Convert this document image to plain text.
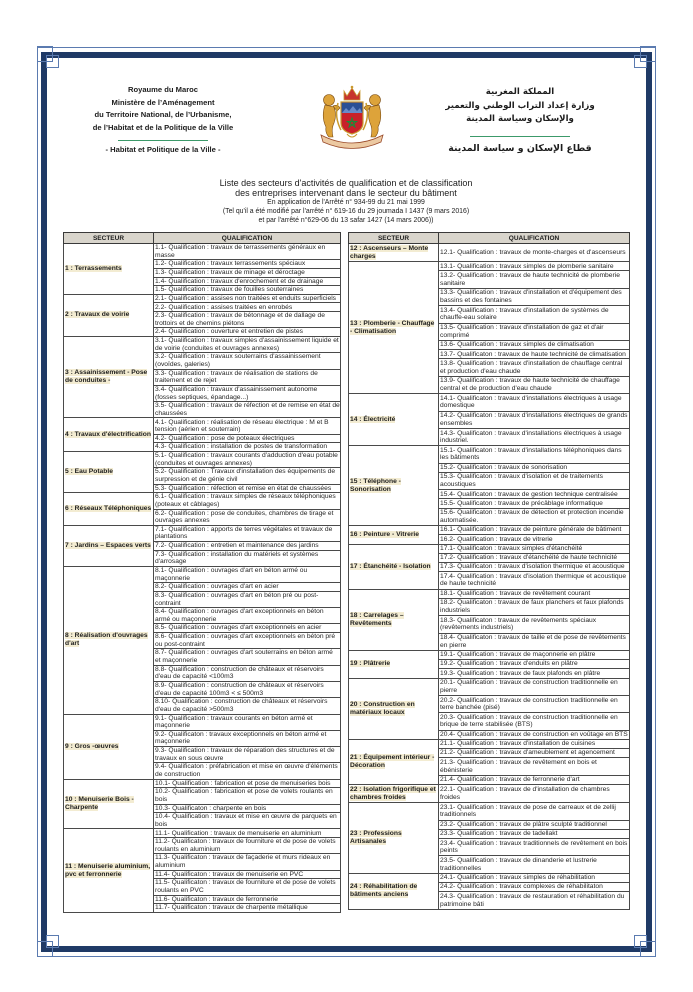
Royaume du Maroc
Ministère de l’Aménagement
du Territoire National, de l’Urbanisme,
de l’Habitat et de la Politique de la Ville
- Habitat et Politique de la Ville -
المملكة المغربية
وزارة إعداد التراب الوطني والتعمير
والإسكان وسياسة المدينة
قطاع الإسكان و سياسة المدينة
Liste des secteurs d'activités de qualification et de classification
des entreprises intervenant dans le secteur du bâtiment
En application de l'Arrêté n° 934-99 du 21 mai 1999
(Tel qu'il a été modifié par l'arrêté n° 619-16 du 29 joumada I 1437 (9 mars 2016)
et par l'arrêté n°629-06 du 13 safar 1427 (14 mars 2006))
SECTEUR	QUALIFICATION
1 : Terrassements	1.1- Qualification : travaux de terrassements généraux en masse
	1.2- Qualification : travaux terrassements spéciaux
	1.3- Qualification : travaux de minage et déroctage
	1.4- Qualification : travaux d'enrochement et de drainage
	1.5- Qualification : travaux de fouilles souterraines
2 : Travaux de voirie	2.1- Qualification : assises non traitées et enduits superficiels
	2.2- Qualification : assises traitées en enrobés
	2.3- Qualification : travaux de bétonnage et de dallage de trottoirs et de chemins piétons
	2.4- Qualification : ouverture et entretien de pistes
3 : Assainissement - Pose de conduites -	3.1- Qualification : travaux simples d'assainissement liquide et de voirie (conduites et ouvrages annexes)
	3.2- Qualification : travaux souterrains d'assainissement (ovoïdes, galeries)
	3.3- Qualification : travaux de réalisation de stations de traitement et de rejet
	3.4- Qualification : travaux d'assainissement autonome (fosses septiques, épandage...)
	3.5- Qualification : travaux de réfection et de remise en état de chaussées
4 : Travaux d'électrification	4.1- Qualification : réalisation de réseau électrique : M et B tension (aérien et souterrain)
	4.2- Qualification : pose de poteaux électriques
	4.3- Qualification : installation de postes de transformation
5 : Eau Potable	5.1- Qualification : travaux courants d'adduction d'eau potable (conduites et ouvrages annexes)
	5.2- Qualification : Travaux d'installation des équipements de surpression et de génie civil
	5.3- Qualification : réfection et remise en état de chaussées
6 : Réseaux Téléphoniques	6.1- Qualification : travaux simples de réseaux téléphoniques (poteaux et câblages)
	6.2- Qualification : pose de conduites, chambres de tirage et ouvrages annexes
7 : Jardins – Espaces verts	7.1- Qualification : apports de terres végétales et travaux de plantations
	7.2- Qualification : entretien et maintenance des jardins
	7.3- Qualification : installation du matériels et systèmes d'arrosage
8 : Réalisation d'ouvrages d'art	8.1- Qualification : ouvrages d'art en béton armé ou maçonnerie
	8.2- Qualification : ouvrages d'art en acier
	8.3- Qualification : ouvrages d'art en béton pré ou post-contraint
	8.4- Qualification : ouvrages d'art exceptionnels en béton armé ou maçonnerie
	8.5- Qualification : ouvrages d'art exceptionnels en acier
	8.6- Qualification : ouvrages d'art exceptionnels en béton pré ou post-contraint
	8.7- Qualification : ouvrages d'art souterrains en béton armé et maçonnerie
	8.8- Qualification : construction de châteaux et réservoirs d'eau de capacité <100m3
	8.9- Qualification : construction de châteaux et réservoirs d'eau de capacité 100m3 < ≤ 500m3
	8.10- Qualification : construction de châteaux et réservoirs d'eau de capacité >500m3
9 : Gros -œuvres	9.1- Qualification : travaux courants en béton armé et maçonnerie
	9.2- Qualificaton : travaux exceptionnels en béton armé et maçonnerie
	9.3- Qualification : travaux de réparation des structures et de travaux en sous œuvre
	9.4- Qualificaton : préfabrication et mise en œuvre d'éléments de construction
10 : Menuiserie Bois - Charpente	10.1- Qualification : fabrication et pose de menuiseries bois
	10.2- Qualification : fabrication et pose de volets roulants en bois
	10.3- Qualificaton : charpente en bois
	10.4- Qualification : travaux et mise en œuvre de parquets en bois
11 : Menuiserie aluminium, pvc et ferronnerie	11.1- Qualification : travaux de menuiserie en aluminium
	11.2- Qualificaton : travaux de fourniture et de pose de volets roulants en aluminium
	11.3- Qualificaton : travaux de façaderie et murs rideaux en aluminium
	11.4- Qualificaton : travaux de menuiserie en PVC
	11.5- Qualificaton : travaux de fourniture et de pose de volets roulants en PVC
	11.6- Qualificaton : travaux de ferronnerie
	11.7- Qualificaton : travaux de charpente métallique
SECTEUR	QUALIFICATION
12 : Ascenseurs – Monte charges	12.1- Qualification : travaux de monte-charges et d'ascenseurs
13 : Plomberie - Chauffage - Climatisation	13.1- Qualification : travaux simples de plomberie sanitaire
	13.2- Qualification : travaux de haute technicité de plomberie sanitaire
	13.3- Qualification : travaux d'installation et d'équipement des bassins et des fontaines
	13.4- Qualification : travaux d'installation de systèmes de chauffe-eau solaire
	13.5- Qualification : travaux d'installation de gaz et d'air comprimé
	13.6- Qualification : travaux simples de climatisation
	13.7- Qualificaton : travaux de haute technicité de climatisation
	13.8- Qualification : travaux d'installation de chauffage central et production d'eau chaude
	13.9- Qualification : travaux de haute technicité de chauffage central et de production d'eau chaude
14 : Électricité	14.1- Qualificaton : travaux d'installations électriques à usage domestique
	14.2- Qualificaton : travaux d'installations électriques de grands ensembles
	14.3- Qualificaton : travaux d'installations électriques à usage industriel.
15 : Téléphone - Sonorisation	15.1- Qualificaton : travaux d'installations téléphoniques dans les bâtiments
	15.2- Qualificaton : travaux de sonorisation
	15.3- Qualificaton : travaux d'isolation et de traitements acoustiques
	15.4- Qualificaton : travaux de gestion technique centralisée
	15.5- Qualificaton : travaux de précâblage informatique
	15.6- Qualificaton : travaux de détection et protection incendie automatisée.
16 : Peinture - Vitrerie	16.1- Qualification : travaux de peinture générale de bâtiment
	16.2- Qualification : travaux de vitrerie
17 : Étanchéité - Isolation	17.1- Qualificaton : travaux simples d'étanchéité
	17.2- Qualification : travaux d'étanchéité de haute technicité
	17.3- Qualificaton : travaux d'isolation thermique et acoustique
	17.4- Qualification : travaux d'isolation thermique et acoustique de haute technicité
18 : Carrelages – Revêtements	18.1- Qualification : travaux de revêtement courant
	18.2- Qualificaton : travaux de faux planchers et faux plafonds industriels
	18.3- Qualificaton : travaux de revêtements spéciaux (revêtements industriels)
	18.4- Qualificaton : travaux de taille et de pose de revêtements en pierre
19 : Plâtrerie	19.1- Qualification : travaux de maçonnerie en plâtre
	19.2- Qualification : travaux d'enduits en plâtre
	19.3- Qualification : travaux de faux plafonds en plâtre
20 : Construction en matériaux locaux	20.1- Qualification : travaux de construction traditionnelle en pierre
	20.2- Qualification : travaux de construction traditionnelle en terre banchée (pisé)
	20.3- Qualification : travaux de construction traditionnelle en brique de terre stabilisée (BTS)
	20.4- Qualification : travaux de construction en voûtage en BTS
21 : Équipement intérieur - Décoration	21.1- Qualification : travaux d'installation de cuisines
	21.2- Qualification : travaux d'ameublement et agencement
	21.3- Qualification : travaux de revêtement en bois et ébénisterie
	21.4- Qualification : travaux de ferronnerie d'art
22 : Isolation frigorifique et chambres froides	22.1- Qualification : travaux de d'installation de chambres froides
23 : Professions Artisanales	23.1- Qualification : travaux de pose de carreaux et de zellij traditionnels
	23.2- Qualification : travaux de plâtre sculpté traditionnel
	23.3- Qualification : travaux de tadellakt
	23.4- Qualification : travaux traditionnels de revêtement en bois peints
	23.5- Qualification : travaux de dinanderie et lustrerie traditionnelles
24 : Réhabilitation de bâtiments anciens	24.1- Qualification : travaux simples de réhabilitation
	24.2- Qualification : travaux complexes de réhabilitaton
	24.3- Qualification : travaux de restauration et réhabilitation du patrimoine bâti
